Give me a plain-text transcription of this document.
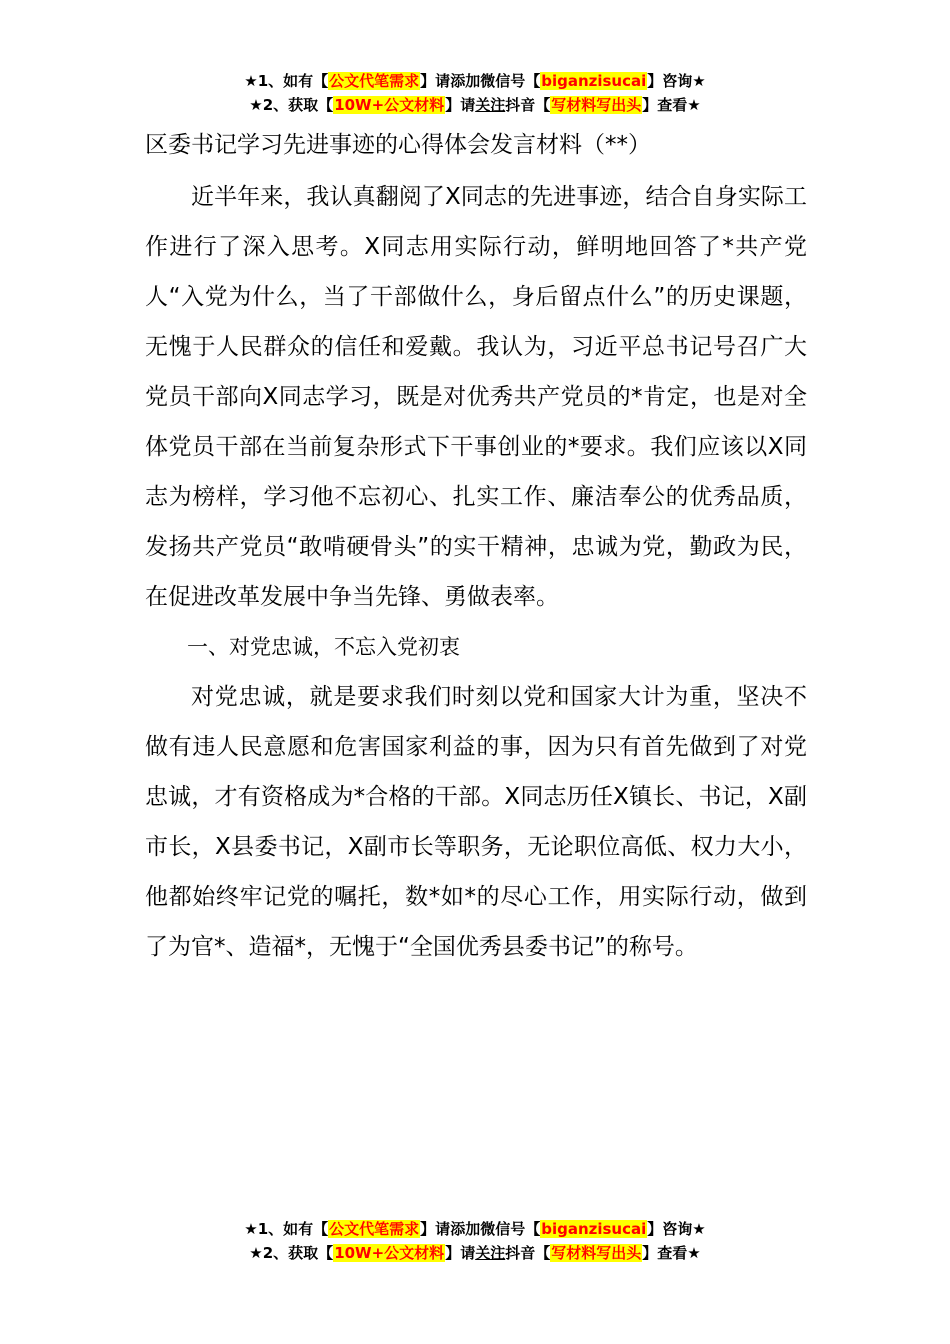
★1、如有【公文代笔需求】请添加微信号【biganzisucai】咨询★
★2、获取【10W+公文材料】请关注抖音【写材料写出头】查看★
区委书记学习先进事迹的心得体会发言材料（**）

近半年来，我认真翻阅了X同志的先进事迹，结合自身实际工作进行了深入思考。X同志用实际行动，鲜明地回答了*共产党人“入党为什么，当了干部做什么，身后留点什么”的历史课题，无愧于人民群众的信任和爱戴。我认为，习近平总书记号召广大党员干部向X同志学习，既是对优秀共产党员的*肯定，也是对全体党员干部在当前复杂形式下干事创业的*要求。我们应该以X同志为榜样，学习他不忘初心、扎实工作、廉洁奉公的优秀品质，发扬共产党员“敢啃硬骨头”的实干精神，忠诚为党，勤政为民，在促进改革发展中争当先锋、勇做表率。

一、对党忠诚，不忘入党初衷

对党忠诚，就是要求我们时刻以党和国家大计为重，坚决不做有违人民意愿和危害国家利益的事，因为只有首先做到了对党忠诚，才有资格成为*合格的干部。X同志历任X镇长、书记，X副市长，X县委书记，X副市长等职务，无论职位高低、权力大小，他都始终牢记党的嘱托，数*如*的尽心工作，用实际行动，做到了为官*、造福*，无愧于“全国优秀县委书记”的称号。

★1、如有【公文代笔需求】请添加微信号【biganzisucai】咨询★
★2、获取【10W+公文材料】请关注抖音【写材料写出头】查看★
